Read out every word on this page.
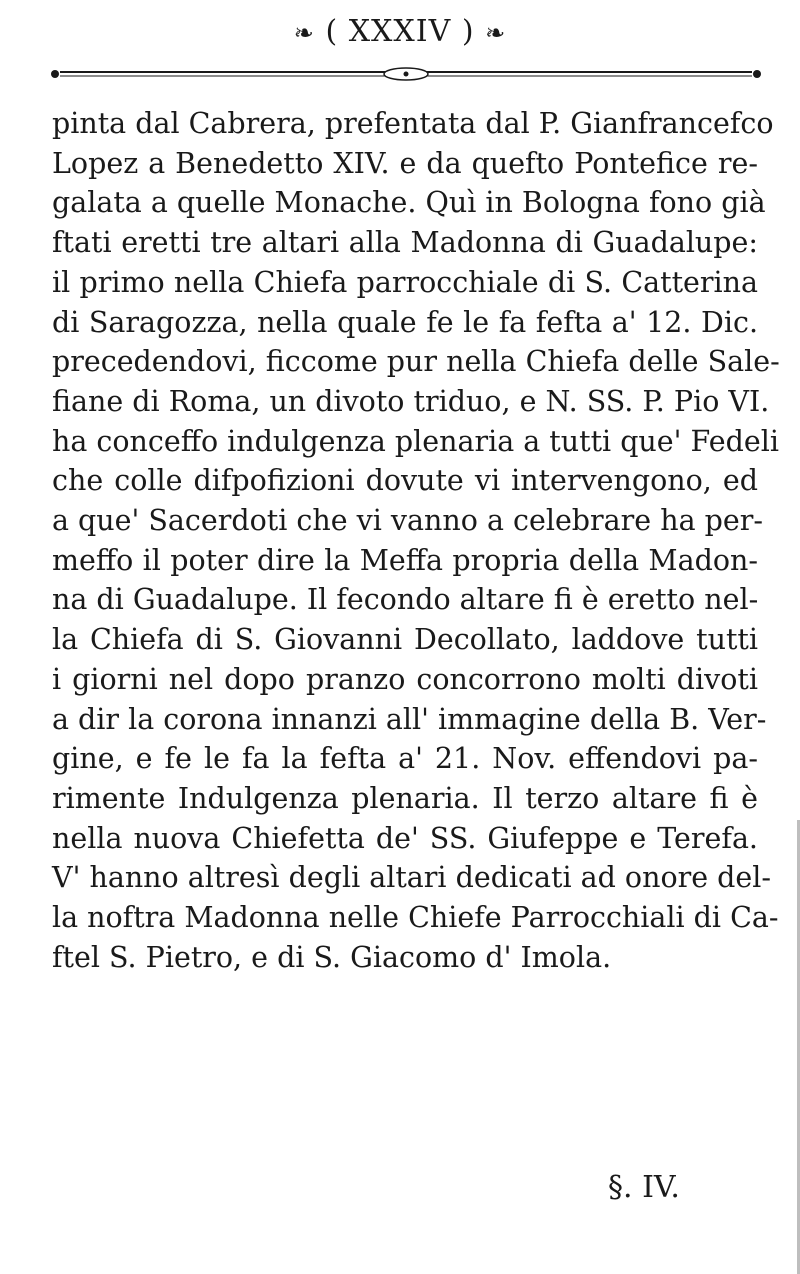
❧ ( XXXIV ) ❧
pinta dal Cabrera, prefentata dal P. Gianfrancefco
Lopez a Benedetto XIV. e da quefto Pontefice re-
galata a quelle Monache. Quì in Bologna fono già
ftati eretti tre altari alla Madonna di Guadalupe:
il primo nella Chiefa parrocchiale di S. Catterina
di Saragozza, nella quale fe le fa fefta a' 12. Dic.
precedendovi, ficcome pur nella Chiefa delle Sale-
fiane di Roma, un divoto triduo, e N. SS. P. Pio VI.
ha conceffo indulgenza plenaria a tutti que' Fedeli
che colle difpofizioni dovute vi intervengono, ed
a que' Sacerdoti che vi vanno a celebrare ha per-
meffo il poter dire la Meffa propria della Madon-
na di Guadalupe. Il fecondo altare fi è eretto nel-
la Chiefa di S. Giovanni Decollato, laddove tutti
i giorni nel dopo pranzo concorrono molti divoti
a dir la corona innanzi all' immagine della B. Ver-
gine, e fe le fa la fefta a' 21. Nov. effendovi pa-
rimente Indulgenza plenaria. Il terzo altare fi è
nella nuova Chiefetta de' SS. Giufeppe e Terefa.
V' hanno altresì degli altari dedicati ad onore del-
la noftra Madonna nelle Chiefe Parrocchiali di Ca-
ftel S. Pietro, e di S. Giacomo d' Imola.
§. IV.
